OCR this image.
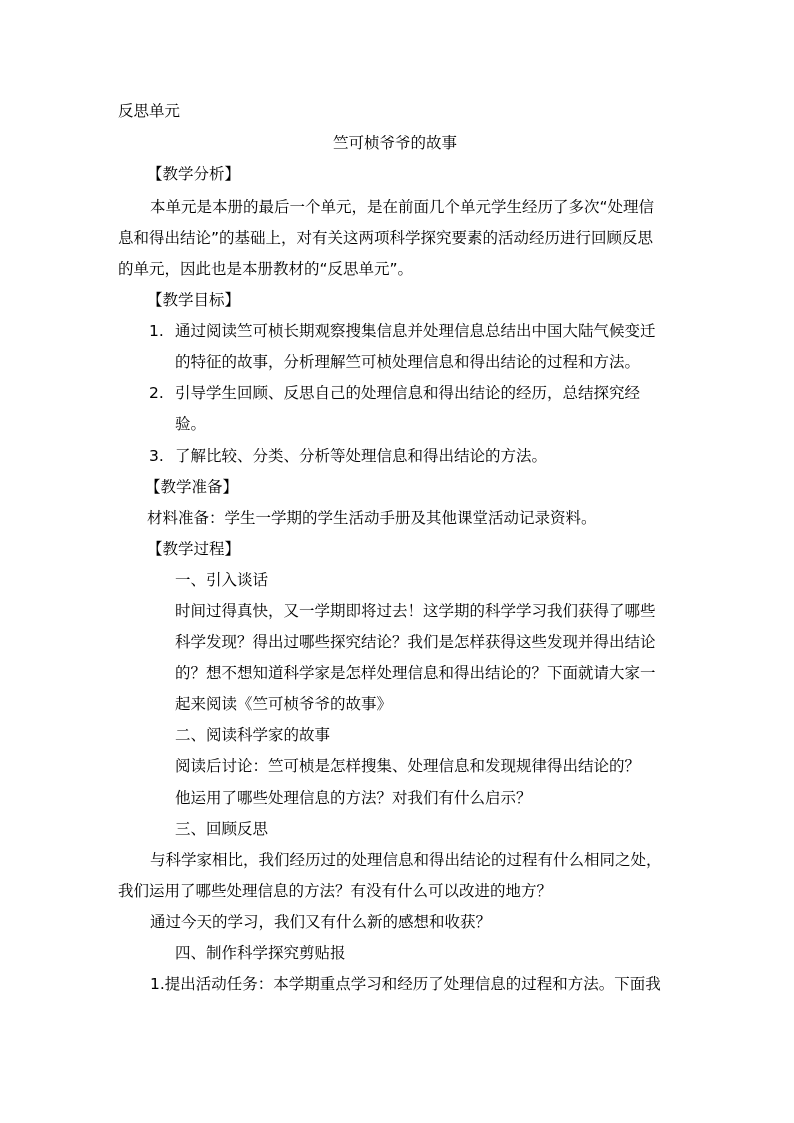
反思单元
竺可桢爷爷的故事
【教学分析】
本单元是本册的最后一个单元，是在前面几个单元学生经历了多次“处理信
息和得出结论”的基础上，对有关这两项科学探究要素的活动经历进行回顾反思
的单元，因此也是本册教材的“反思单元”。
【教学目标】
1. 通过阅读竺可桢长期观察搜集信息并处理信息总结出中国大陆气候变迁
的特征的故事，分析理解竺可桢处理信息和得出结论的过程和方法。
2. 引导学生回顾、反思自己的处理信息和得出结论的经历，总结探究经
验。
3. 了解比较、分类、分析等处理信息和得出结论的方法。
【教学准备】
材料准备：学生一学期的学生活动手册及其他课堂活动记录资料。
【教学过程】
一、引入谈话
时间过得真快，又一学期即将过去！这学期的科学学习我们获得了哪些
科学发现？得出过哪些探究结论？我们是怎样获得这些发现并得出结论
的？想不想知道科学家是怎样处理信息和得出结论的？下面就请大家一
起来阅读《竺可桢爷爷的故事》
二、阅读科学家的故事
阅读后讨论：竺可桢是怎样搜集、处理信息和发现规律得出结论的？
他运用了哪些处理信息的方法？对我们有什么启示？
三、回顾反思
与科学家相比，我们经历过的处理信息和得出结论的过程有什么相同之处，
我们运用了哪些处理信息的方法？有没有什么可以改进的地方？
通过今天的学习，我们又有什么新的感想和收获？
四、制作科学探究剪贴报
1.提出活动任务：本学期重点学习和经历了处理信息的过程和方法。下面我
